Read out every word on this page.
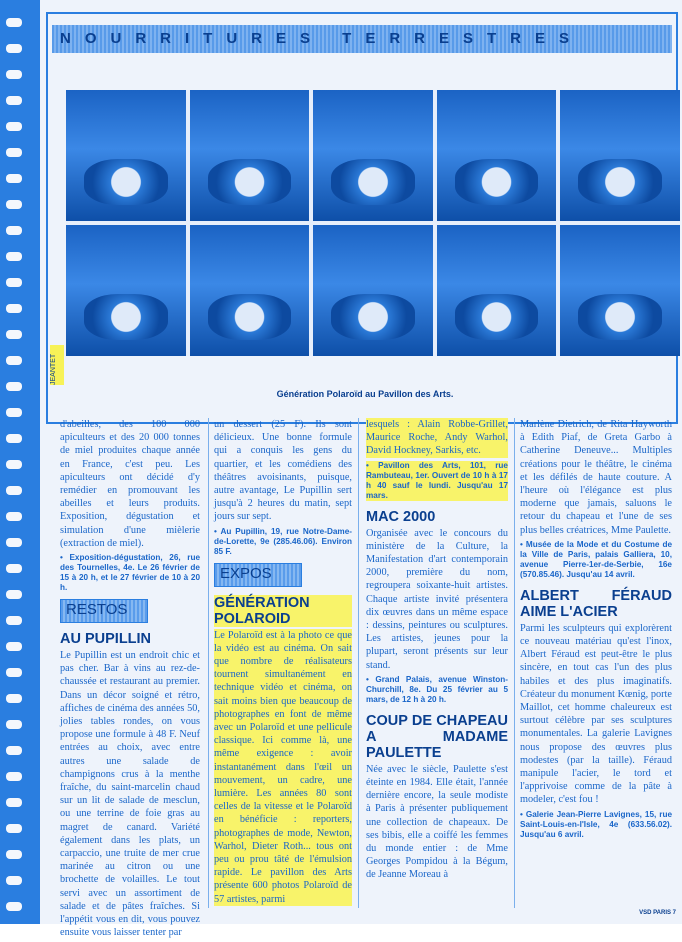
NOURRITURES TERRESTRES
JEANTET
Génération Polaroïd au Pavillon des Arts.

d'abeilles, des 100 000 apiculteurs et des 20 000 tonnes de miel produites chaque année en France, c'est peu. Les apiculteurs ont décidé d'y remédier en promouvant les abeilles et leurs produits. Exposition, dégustation et simulation d'une mièlerie (extraction de miel).

• Exposition-dégustation, 26, rue des Tournelles, 4e. Le 26 février de 15 à 20 h, et le 27 février de 10 à 20 h.
RESTOS
AU PUPILLIN

Le Pupillin est un endroit chic et pas cher. Bar à vins au rez-de-chaussée et restaurant au premier. Dans un décor soigné et rétro, affiches de cinéma des années 50, jolies tables rondes, on vous propose une formule à 48 F. Neuf entrées au choix, avec entre autres une salade de champignons crus à la menthe fraîche, du saint-marcelin chaud sur un lit de salade de mesclun, ou une terrine de foie gras au magret de canard. Variété également dans les plats, un carpaccio, une truite de mer crue marinée au citron ou une brochette de volailles. Le tout servi avec un assortiment de salade et de pâtes fraîches. Si l'appétit vous en dit, vous pouvez ensuite vous laisser tenter par

un dessert (25 F). Ils sont délicieux. Une bonne formule qui a conquis les gens du quartier, et les comédiens des théâtres avoisinants, puisque, autre avantage, Le Pupillin sert jusqu'à 2 heures du matin, sept jours sur sept.

• Au Pupillin, 19, rue Notre-Dame-de-Lorette, 9e (285.46.06). Environ 85 F.
EXPOS
GÉNÉRATION POLAROID

Le Polaroïd est à la photo ce que la vidéo est au cinéma. On sait que nombre de réalisateurs tournent simultanément en technique vidéo et cinéma, on sait moins bien que beaucoup de photographes en font de même avec un Polaroïd et une pellicule classique. Ici comme là, une même exigence : avoir instantanément dans l'œil un mouvement, un cadre, une lumière. Les années 80 sont celles de la vitesse et le Polaroïd en bénéficie : reporters, photographes de mode, Newton, Warhol, Dieter Roth... tous ont peu ou prou tâté de l'émulsion rapide. Le pavillon des Arts présente 600 photos Polaroïd de 57 artistes, parmi

lesquels : Alain Robbe-Grillet, Maurice Roche, Andy Warhol, David Hockney, Sarkis, etc.

• Pavillon des Arts, 101, rue Rambuteau, 1er. Ouvert de 10 h à 17 h 40 sauf le lundi. Jusqu'au 17 mars.
MAC 2000

Organisée avec le concours du ministère de la Culture, la Manifestation d'art contemporain 2000, première du nom, regroupera soixante-huit artistes. Chaque artiste invité présentera dix œuvres dans un même espace : dessins, peintures ou sculptures. Les artistes, jeunes pour la plupart, seront présents sur leur stand.

• Grand Palais, avenue Winston-Churchill, 8e. Du 25 février au 5 mars, de 12 h à 20 h.
COUP DE CHAPEAU A MADAME PAULETTE

Née avec le siècle, Paulette s'est éteinte en 1984. Elle était, l'année dernière encore, la seule modiste à Paris à présenter publiquement une collection de chapeaux. De ses bibis, elle a coiffé les femmes du monde entier : de Mme Georges Pompidou à la Bégum, de Jeanne Moreau à

Marlène Dietrich, de Rita Hayworth à Edith Piaf, de Greta Garbo à Catherine Deneuve... Multiples créations pour le théâtre, le cinéma et les défilés de haute couture. A l'heure où l'élégance est plus moderne que jamais, saluons le retour du chapeau et l'une de ses plus belles créatrices, Mme Paulette.

• Musée de la Mode et du Costume de la Ville de Paris, palais Galliera, 10, avenue Pierre-1er-de-Serbie, 16e (570.85.46). Jusqu'au 14 avril.
ALBERT FÉRAUD AIME L'ACIER

Parmi les sculpteurs qui explorèrent ce nouveau matériau qu'est l'inox, Albert Féraud est peut-être le plus sincère, en tout cas l'un des plus habiles et des plus imaginatifs. Créateur du monument Kœnig, porte Maillot, cet homme chaleureux est surtout célèbre par ses sculptures monumentales. La galerie Lavignes nous propose des œuvres plus modestes (par la taille). Féraud manipule l'acier, le tord et l'apprivoise comme de la pâte à modeler, c'est fou !

• Galerie Jean-Pierre Lavignes, 15, rue Saint-Louis-en-l'Isle, 4e (633.56.02). Jusqu'au 6 avril.
VSD PARIS 7
